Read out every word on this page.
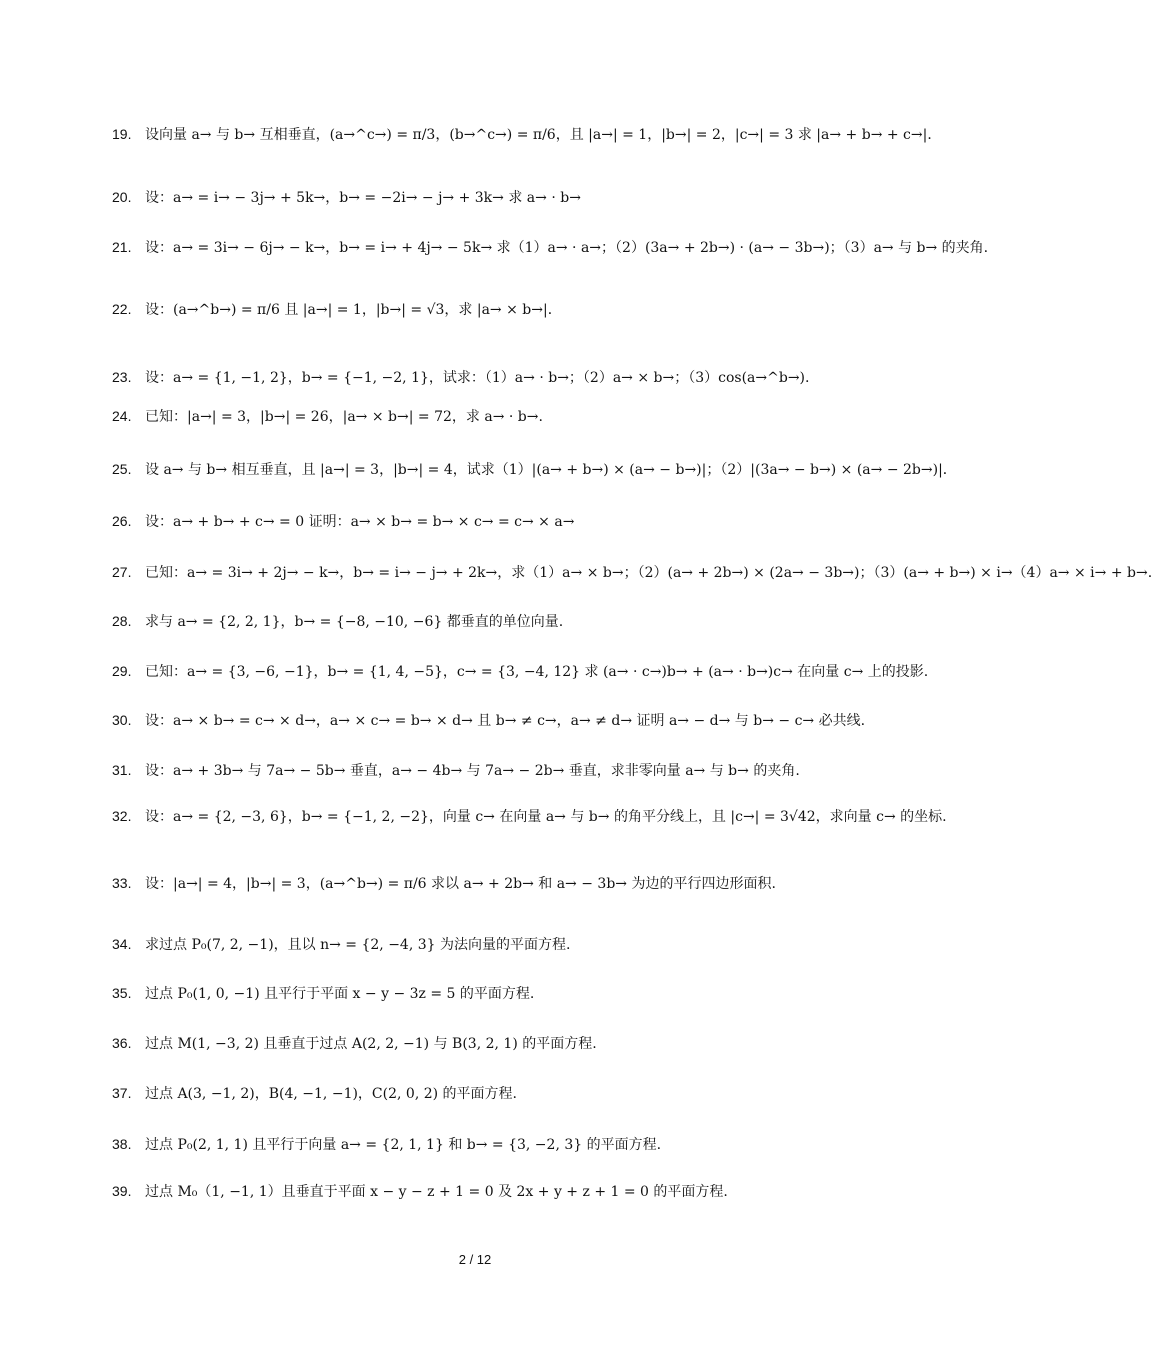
19. 设向量 a→ 与 b→ 互相垂直，(a→^c→) = π/3，(b→^c→) = π/6，且 |a→| = 1，|b→| = 2，|c→| = 3 求 |a→ + b→ + c→|．
20. 设：a→ = i→ − 3j→ + 5k→，b→ = −2i→ − j→ + 3k→ 求 a→ · b→
21. 设：a→ = 3i→ − 6j→ − k→，b→ = i→ + 4j→ − 5k→ 求（1）a→ · a→；（2）(3a→ + 2b→) · (a→ − 3b→)；（3）a→ 与 b→ 的夹角.
22. 设：(a→^b→) = π/6 且 |a→| = 1，|b→| = √3，求 |a→ × b→|．
23. 设：a→ = {1, −1, 2}，b→ = {−1, −2, 1}，试求：（1）a→ · b→；（2）a→ × b→；（3）cos(a→^b→).
24. 已知：|a→| = 3，|b→| = 26，|a→ × b→| = 72，求 a→ · b→.
25. 设 a→ 与 b→ 相互垂直，且 |a→| = 3，|b→| = 4，试求（1）|(a→ + b→) × (a→ − b→)|；（2）|(3a→ − b→) × (a→ − 2b→)|．
26. 设：a→ + b→ + c→ = 0 证明：a→ × b→ = b→ × c→ = c→ × a→
27. 已知：a→ = 3i→ + 2j→ − k→，b→ = i→ − j→ + 2k→，求（1）a→ × b→；（2）(a→ + 2b→) × (2a→ − 3b→)；（3）(a→ + b→) × i→（4）a→ × i→ + b→.
28. 求与 a→ = {2, 2, 1}，b→ = {−8, −10, −6} 都垂直的单位向量.
29. 已知：a→ = {3, −6, −1}，b→ = {1, 4, −5}，c→ = {3, −4, 12} 求 (a→ · c→)b→ + (a→ · b→)c→ 在向量 c→ 上的投影.
30. 设：a→ × b→ = c→ × d→，a→ × c→ = b→ × d→ 且 b→ ≠ c→，a→ ≠ d→ 证明 a→ − d→ 与 b→ − c→ 必共线.
31. 设：a→ + 3b→ 与 7a→ − 5b→ 垂直，a→ − 4b→ 与 7a→ − 2b→ 垂直，求非零向量 a→ 与 b→ 的夹角.
32. 设：a→ = {2, −3, 6}，b→ = {−1, 2, −2}，向量 c→ 在向量 a→ 与 b→ 的角平分线上，且 |c→| = 3√42，求向量 c→ 的坐标.
33. 设：|a→| = 4，|b→| = 3，(a→^b→) = π/6 求以 a→ + 2b→ 和 a→ − 3b→ 为边的平行四边形面积.
34. 求过点 P₀(7, 2, −1)，且以 n→ = {2, −4, 3} 为法向量的平面方程.
35. 过点 P₀(1, 0, −1) 且平行于平面 x − y − 3z = 5 的平面方程.
36. 过点 M(1, −3, 2) 且垂直于过点 A(2, 2, −1) 与 B(3, 2, 1) 的平面方程.
37. 过点 A(3, −1, 2)，B(4, −1, −1)，C(2, 0, 2) 的平面方程.
38. 过点 P₀(2, 1, 1) 且平行于向量 a→ = {2, 1, 1} 和 b→ = {3, −2, 3} 的平面方程.
39. 过点 M₀（1, −1, 1）且垂直于平面 x − y − z + 1 = 0 及 2x + y + z + 1 = 0 的平面方程.
2 / 12
